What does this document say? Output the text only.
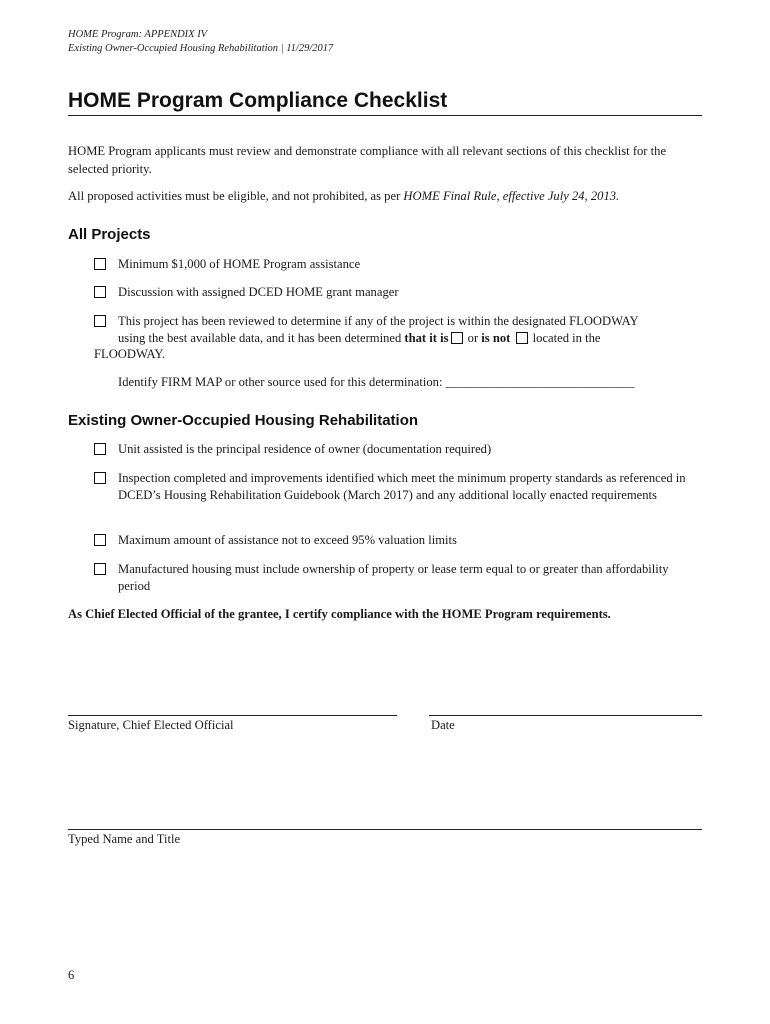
HOME Program: APPENDIX IV
Existing Owner-Occupied Housing Rehabilitation | 11/29/2017
HOME Program Compliance Checklist
HOME Program applicants must review and demonstrate compliance with all relevant sections of this checklist for the selected priority.
All proposed activities must be eligible, and not prohibited, as per HOME Final Rule, effective July 24, 2013.
All Projects
Minimum $1,000 of HOME Program assistance
Discussion with assigned DCED HOME grant manager
This project has been reviewed to determine if any of the project is within the designated FLOODWAY
using the best available data, and it has been determined that it is or is not  located in the
FLOODWAY.
Identify FIRM MAP or other source used for this determination: ______________________________
Existing Owner-Occupied Housing Rehabilitation
Unit assisted is the principal residence of owner (documentation required)
Inspection completed and improvements identified which meet the minimum property standards as referenced in DCED’s Housing Rehabilitation Guidebook (March 2017) and any additional locally enacted requirements
Maximum amount of assistance not to exceed 95% valuation limits
Manufactured housing must include ownership of property or lease term equal to or greater than affordability period
As Chief Elected Official of the grantee, I certify compliance with the HOME Program requirements.
Signature, Chief Elected Official	Date
Typed Name and Title
6
